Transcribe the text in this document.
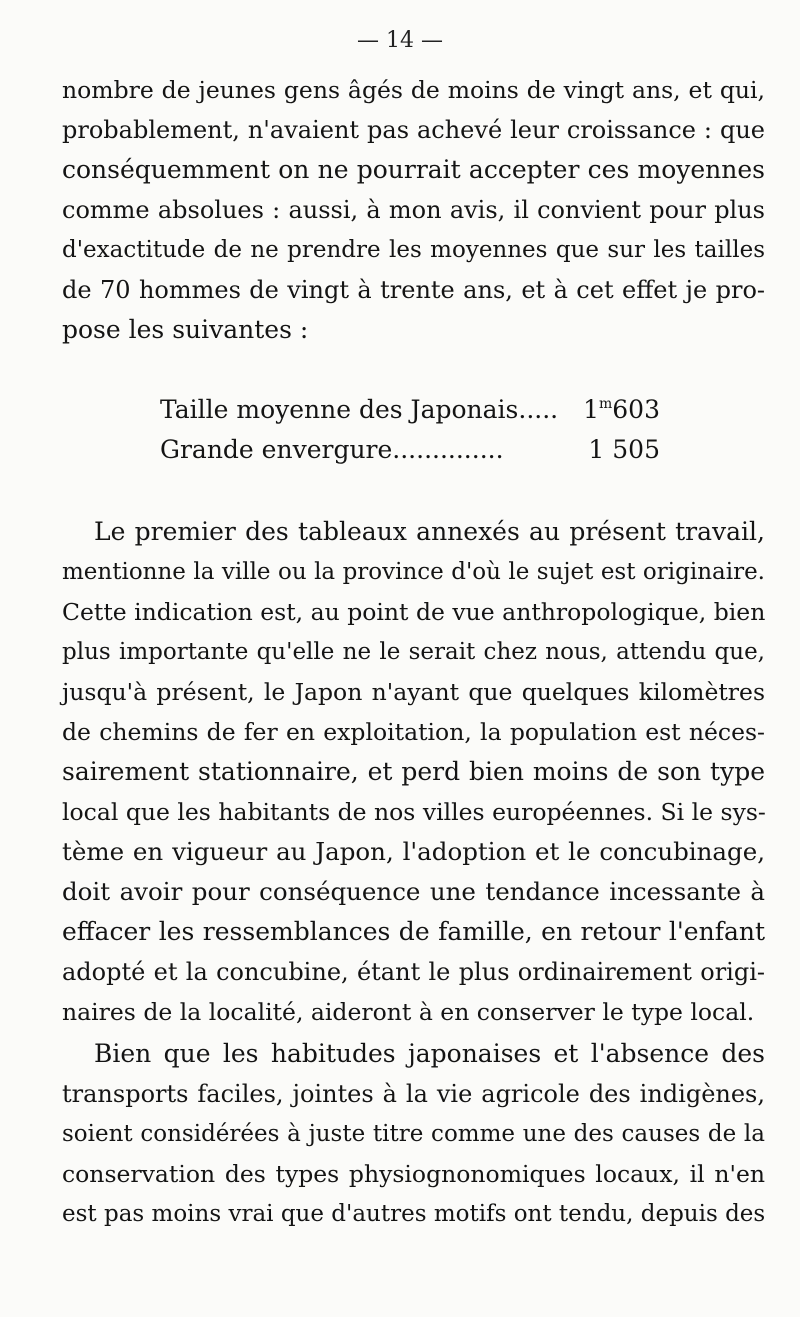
— 14 —
nombre de jeunes gens âgés de moins de vingt ans, et qui,
probablement, n'avaient pas achevé leur croissance : que
conséquemment on ne pourrait accepter ces moyennes
comme absolues : aussi, à mon avis, il convient pour plus
d'exactitude de ne prendre les moyennes que sur les tailles
de 70 hommes de vingt à trente ans, et à cet effet je pro-
pose les suivantes :
Taille moyenne des Japonais..... 1$^m$603
Grande envergure..............	1 505
Le premier des tableaux annexés au présent travail,
mentionne la ville ou la province d'où le sujet est originaire.
Cette indication est, au point de vue anthropologique, bien
plus importante qu'elle ne le serait chez nous, attendu que,
jusqu'à présent, le Japon n'ayant que quelques kilomètres
de chemins de fer en exploitation, la population est néces-
sairement stationnaire, et perd bien moins de son type
local que les habitants de nos villes européennes. Si le sys-
tème en vigueur au Japon, l'adoption et le concubinage,
doit avoir pour conséquence une tendance incessante à
effacer les ressemblances de famille, en retour l'enfant
adopté et la concubine, étant le plus ordinairement origi-
naires de la localité, aideront à en conserver le type local.
Bien que les habitudes japonaises et l'absence des
transports faciles, jointes à la vie agricole des indigènes,
soient considérées à juste titre comme une des causes de la
conservation des types physiognonomiques locaux, il n'en
est pas moins vrai que d'autres motifs ont tendu, depuis des
